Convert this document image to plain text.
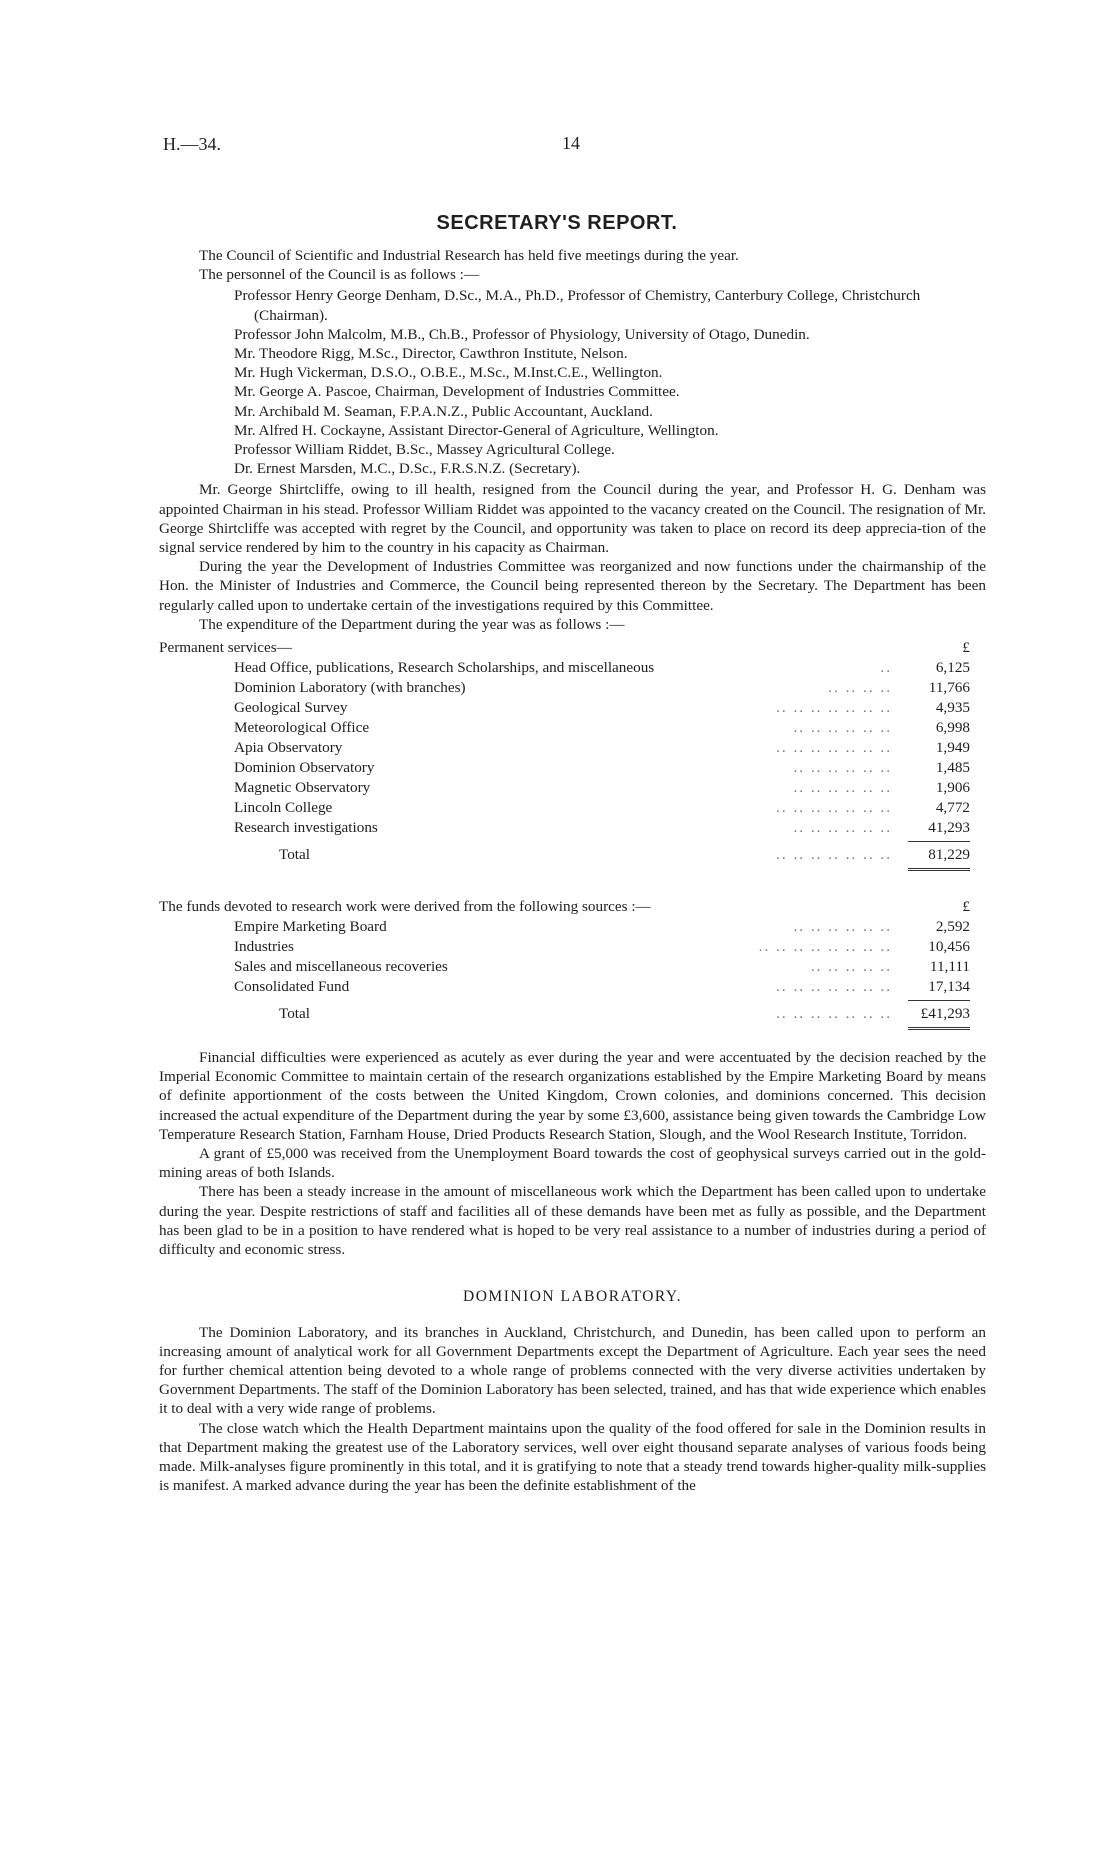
H.—34.	14
SECRETARY'S REPORT.

The Council of Scientific and Industrial Research has held five meetings during the year.

The personnel of the Council is as follows :—

Professor Henry George Denham, D.Sc., M.A., Ph.D., Professor of Chemistry, Canterbury College, Christchurch (Chairman).
Professor John Malcolm, M.B., Ch.B., Professor of Physiology, University of Otago, Dunedin.
Mr. Theodore Rigg, M.Sc., Director, Cawthron Institute, Nelson.
Mr. Hugh Vickerman, D.S.O., O.B.E., M.Sc., M.Inst.C.E., Wellington.
Mr. George A. Pascoe, Chairman, Development of Industries Committee.
Mr. Archibald M. Seaman, F.P.A.N.Z., Public Accountant, Auckland.
Mr. Alfred H. Cockayne, Assistant Director-General of Agriculture, Wellington.
Professor William Riddet, B.Sc., Massey Agricultural College.
Dr. Ernest Marsden, M.C., D.Sc., F.R.S.N.Z. (Secretary).

Mr. George Shirtcliffe, owing to ill health, resigned from the Council during the year, and Professor H. G. Denham was appointed Chairman in his stead. Professor William Riddet was appointed to the vacancy created on the Council. The resignation of Mr. George Shirtcliffe was accepted with regret by the Council, and opportunity was taken to place on record its deep apprecia-tion of the signal service rendered by him to the country in his capacity as Chairman.

During the year the Development of Industries Committee was reorganized and now functions under the chairmanship of the Hon. the Minister of Industries and Commerce, the Council being represented thereon by the Secretary. The Department has been regularly called upon to undertake certain of the investigations required by this Committee.

The expenditure of the Department during the year was as follows :—

Permanent services—	£
Head Office, publications, Research Scholarships, and miscellaneous	..	6,125
Dominion Laboratory (with branches)	.. .. .. ..	11,766
Geological Survey	.. .. .. .. .. .. ..	4,935
Meteorological Office	.. .. .. .. .. ..	6,998
Apia Observatory	.. .. .. .. .. .. ..	1,949
Dominion Observatory	.. .. .. .. .. ..	1,485
Magnetic Observatory	.. .. .. .. .. ..	1,906
Lincoln College	.. .. .. .. .. .. ..	4,772
Research investigations	.. .. .. .. .. ..	41,293
Total	.. .. .. .. .. .. ..	81,229
The funds devoted to research work were derived from the following sources :—	£
Empire Marketing Board	.. .. .. .. .. ..	2,592
Industries	.. .. .. .. .. .. .. ..	10,456
Sales and miscellaneous recoveries	.. .. .. .. ..	11,111
Consolidated Fund	.. .. .. .. .. .. ..	17,134
Total	.. .. .. .. .. .. ..	£41,293

Financial difficulties were experienced as acutely as ever during the year and were accentuated by the decision reached by the Imperial Economic Committee to maintain certain of the research organizations established by the Empire Marketing Board by means of definite apportionment of the costs between the United Kingdom, Crown colonies, and dominions concerned. This decision increased the actual expenditure of the Department during the year by some £3,600, assistance being given towards the Cambridge Low Temperature Research Station, Farnham House, Dried Products Research Station, Slough, and the Wool Research Institute, Torridon.

A grant of £5,000 was received from the Unemployment Board towards the cost of geophysical surveys carried out in the gold-mining areas of both Islands.

There has been a steady increase in the amount of miscellaneous work which the Department has been called upon to undertake during the year. Despite restrictions of staff and facilities all of these demands have been met as fully as possible, and the Department has been glad to be in a position to have rendered what is hoped to be very real assistance to a number of industries during a period of difficulty and economic stress.

DOMINION LABORATORY.

The Dominion Laboratory, and its branches in Auckland, Christchurch, and Dunedin, has been called upon to perform an increasing amount of analytical work for all Government Departments except the Department of Agriculture. Each year sees the need for further chemical attention being devoted to a whole range of problems connected with the very diverse activities undertaken by Government Departments. The staff of the Dominion Laboratory has been selected, trained, and has that wide experience which enables it to deal with a very wide range of problems.

The close watch which the Health Department maintains upon the quality of the food offered for sale in the Dominion results in that Department making the greatest use of the Laboratory services, well over eight thousand separate analyses of various foods being made. Milk-analyses figure prominently in this total, and it is gratifying to note that a steady trend towards higher-quality milk-supplies is manifest. A marked advance during the year has been the definite establishment of the
